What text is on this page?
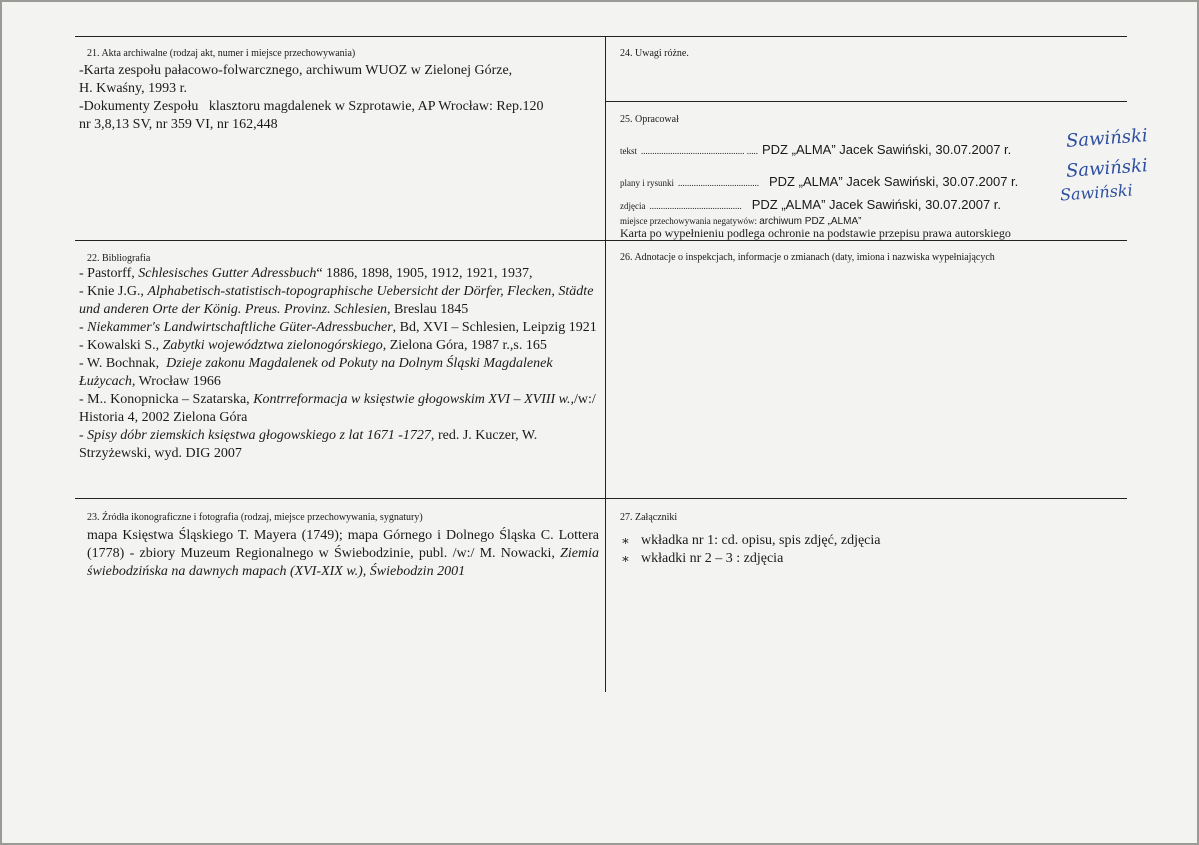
21. Akta archiwalne (rodzaj akt, numer i miejsce przechowywania)

-Karta zespołu pałacowo-folwarcznego, archiwum WUOZ w Zielonej Górze,

H. Kwaśny, 1993 r.

-Dokumenty Zespołu   klasztoru magdalenek w Szprotawie, AP Wrocław: Rep.120

nr 3,8,13 SV, nr 359 VI, nr 162,448

22. Bibliografia

- Pastorff, Schlesisches Gutter Adressbuch“ 1886, 1898, 1905, 1912, 1921, 1937,

- Knie J.G., Alphabetisch-statistisch-topographische Uebersicht der Dörfer, Flecken, Städte und anderen Orte der König. Preus. Provinz. Schlesien, Breslau 1845

- Niekammer's Landwirtschaftliche Güter-Adressbucher, Bd, XVI – Schlesien, Leipzig 1921

- Kowalski S., Zabytki województwa zielonogórskiego, Zielona Góra, 1987 r.,s. 165

- W. Bochnak,  Dzieje zakonu Magdalenek od Pokuty na Dolnym Śląski Magdalenek Łużycach, Wrocław 1966

- M.. Konopnicka – Szatarska, Kontrreformacja w księstwie głogowskim XVI – XVIII w.,/w:/ Historia 4, 2002 Zielona Góra

- Spisy dóbr ziemskich księstwa głogowskiego z lat 1671 -1727, red. J. Kuczer, W. Strzyżewski, wyd. DIG 2007

23. Źródła ikonograficzne i fotografia (rodzaj, miejsce przechowywania, sygnatury)

mapa Księstwa Śląskiego T. Mayera (1749); mapa Górnego i Dolnego Śląska C. Lottera (1778) - zbiory Muzeum Regionalnego w Świebodzinie, publ. /w:/ M. Nowacki, Ziemia świebodzińska na dawnych mapach (XVI-XIX w.), Świebodzin 2001

24. Uwagi różne.
25. Opracował
tekst .............................................. ..... PDZ „ALMA” Jacek Sawiński, 30.07.2007 r.
plany i rysunki .................................... PDZ „ALMA” Jacek Sawiński, 30.07.2007 r.
zdjęcia ......................................... PDZ „ALMA” Jacek Sawiński, 30.07.2007 r.
Sawiński
Sawiński
Sawiński
miejsce przechowywania negatywów: archiwum PDZ „ALMA”
Karta po wypełnieniu podlega ochronie na podstawie przepisu prawa autorskiego
26. Adnotacje o inspekcjach, informacje o zmianach (daty, imiona i nazwiska wypełniających
27. Załączniki
∗ wkładka nr 1: cd. opisu, spis zdjęć, zdjęcia
∗ wkładki nr 2 – 3 : zdjęcia
